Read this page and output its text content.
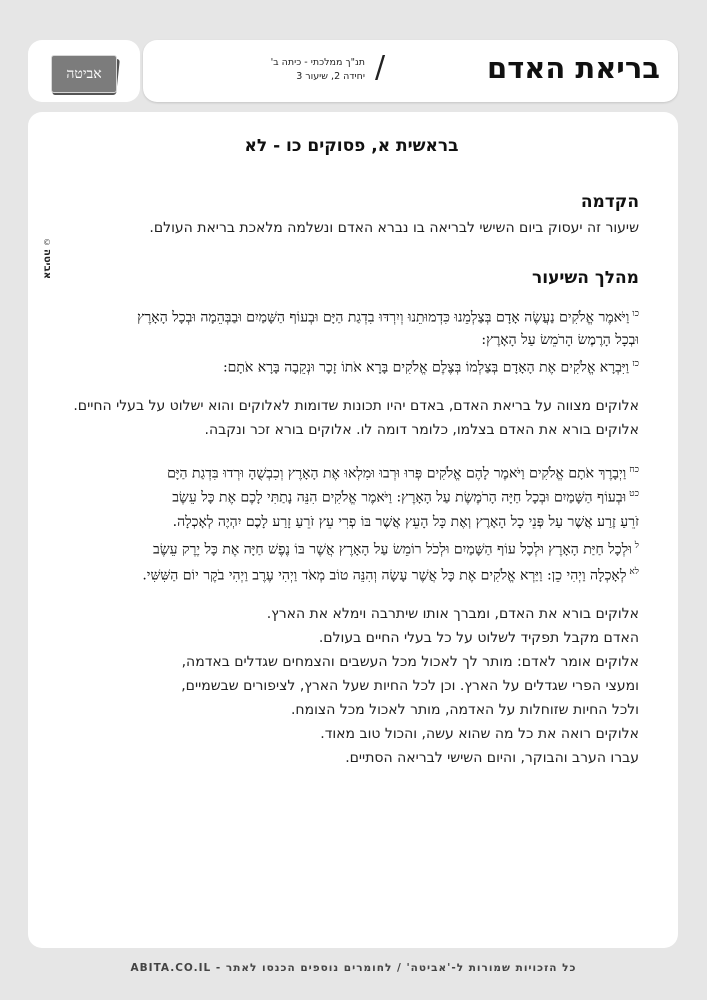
אביטה	בריאת האדם
/
תנ"ך ממלכתי - כיתה ב'
יחידה 2, שיעור 3
©
אביטה
בראשית א, פסוקים כו - לא
הקדמה
שיעור זה יעסוק ביום השישי לבריאה בו נברא האדם ונשלמה מלאכת בריאת העולם.
מהלך השיעור
$^{כו}$וַיֹּאמֶר אֱלֹקִים נַעֲשֶׂה אָדָם בְּצַלְמֵנוּ כִּדְמוּתֵנוּ וְיִרְדּוּ בִדְגַת הַיָּם וּבְעוֹף הַשָּׁמַיִם וּבַבְּהֵמָה וּבְכָל הָאָרֶץ
וּבְכָל הָרֶמֶשׂ הָרֹמֵשׂ עַל הָאָרֶץ:
$^{כז}$וַיִּבְרָא אֱלֹקִים אֶת הָאָדָם בְּצַלְמוֹ בְּצֶלֶם אֱלֹקִים בָּרָא אֹתוֹ זָכָר וּנְקֵבָה בָּרָא אֹתָם:
אלוקים מצווה על בריאת האדם, באדם יהיו תכונות שדומות לאלוקים והוא ישלוט על בעלי החיים.
אלוקים בורא את האדם בצלמו, כלומר דומה לו. אלוקים בורא זכר ונקבה.
$^{כח}$וַיְבָרֶךְ אֹתָם אֱלֹקִים וַיֹּאמֶר לָהֶם אֱלֹקִים פְּרוּ וּרְבוּ וּמִלְאוּ אֶת הָאָרֶץ וְכִבְשֻׁהָ וּרְדוּ בִּדְגַת הַיָּם
$^{כט}$וּבְעוֹף הַשָּׁמַיִם וּבְכָל חַיָּה הָרֹמֶשֶׂת עַל הָאָרֶץ: וַיֹּאמֶר אֱלֹקִים הִנֵּה נָתַתִּי לָכֶם אֶת כָּל עֵשֶׂב
זֹרֵעַ זֶרַע אֲשֶׁר עַל פְּנֵי כָל הָאָרֶץ וְאֶת כָּל הָעֵץ אֲשֶׁר בּוֹ פְרִי עֵץ זֹרֵעַ זָרַע לָכֶם יִהְיֶה לְאָכְלָה.
$^ל$וּלְכָל חַיַּת הָאָרֶץ וּלְכָל עוֹף הַשָּׁמַיִם וּלְכֹל רוֹמֵשׂ עַל הָאָרֶץ אֲשֶׁר בּוֹ נֶפֶשׁ חַיָּה אֶת כָּל יֶרֶק עֵשֶׂב
$^{לא}$לְאָכְלָה וַיְהִי כֵן: וַיַּרְא אֱלֹקִים אֶת כָּל אֲשֶׁר עָשָׂה וְהִנֵּה טוֹב מְאֹד וַיְהִי עֶרֶב וַיְהִי בֹקֶר יוֹם הַשִּׁשִּׁי.
אלוקים בורא את האדם, ומברך אותו שיתרבה וימלא את הארץ.
האדם מקבל תפקיד לשלוט על כל בעלי החיים בעולם.
אלוקים אומר לאדם: מותר לך לאכול מכל העשבים והצמחים שגדלים באדמה,
ומעצי הפרי שגדלים על הארץ. וכן לכל החיות שעל הארץ, לציפורים שבשמיים,
ולכל החיות שזוחלות על האדמה, מותר לאכול מכל הצומח.
אלוקים רואה את כל מה שהוא עשה, והכול טוב מאוד.
עברו הערב והבוקר, והיום השישי לבריאה הסתיים.
כל הזכויות שמורות ל-'אביטה' / לחומרים נוספים הכנסו לאתר - ABITA.CO.IL
